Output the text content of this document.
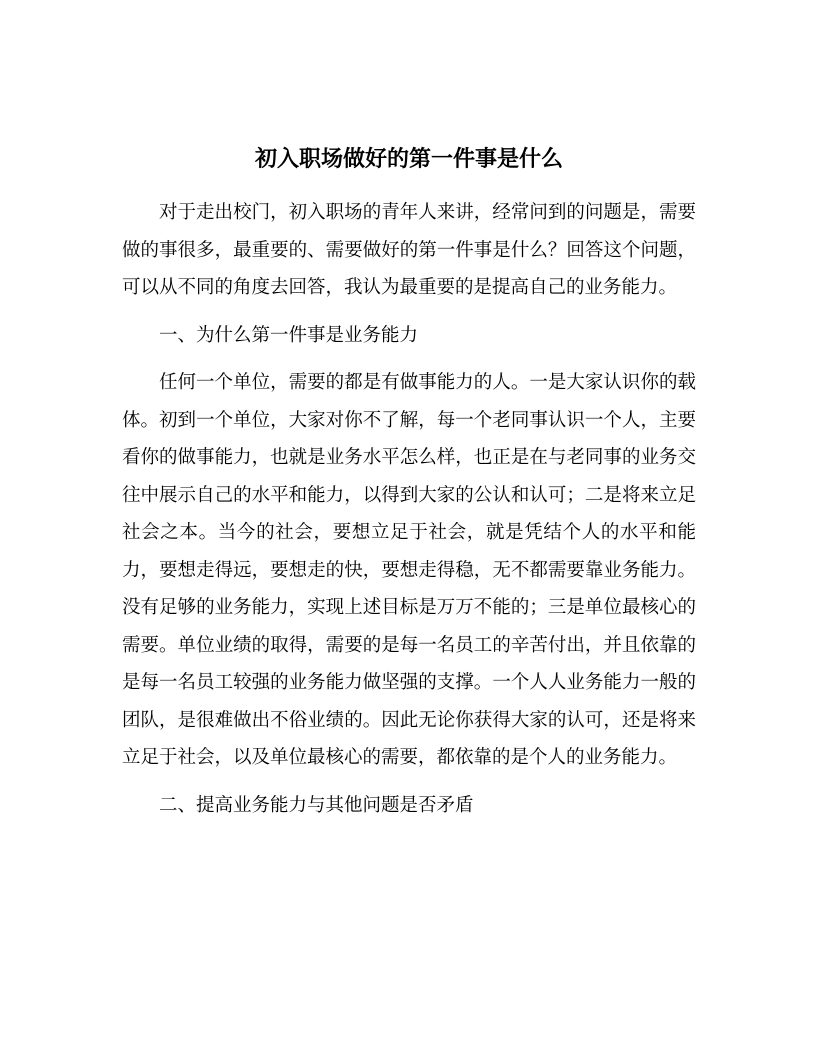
初入职场做好的第一件事是什么

对于走出校门，初入职场的青年人来讲，经常问到的问题是，需要做的事很多，最重要的、需要做好的第一件事是什么？回答这个问题，可以从不同的角度去回答，我认为最重要的是提高自己的业务能力。

一、为什么第一件事是业务能力

任何一个单位，需要的都是有做事能力的人。一是大家认识你的载体。初到一个单位，大家对你不了解，每一个老同事认识一个人，主要看你的做事能力，也就是业务水平怎么样，也正是在与老同事的业务交往中展示自己的水平和能力，以得到大家的公认和认可；二是将来立足社会之本。当今的社会，要想立足于社会，就是凭结个人的水平和能力，要想走得远，要想走的快，要想走得稳，无不都需要靠业务能力。没有足够的业务能力，实现上述目标是万万不能的；三是单位最核心的需要。单位业绩的取得，需要的是每一名员工的辛苦付出，并且依靠的是每一名员工较强的业务能力做坚强的支撑。一个人人业务能力一般的团队，是很难做出不俗业绩的。因此无论你获得大家的认可，还是将来立足于社会，以及单位最核心的需要，都依靠的是个人的业务能力。

二、提高业务能力与其他问题是否矛盾
